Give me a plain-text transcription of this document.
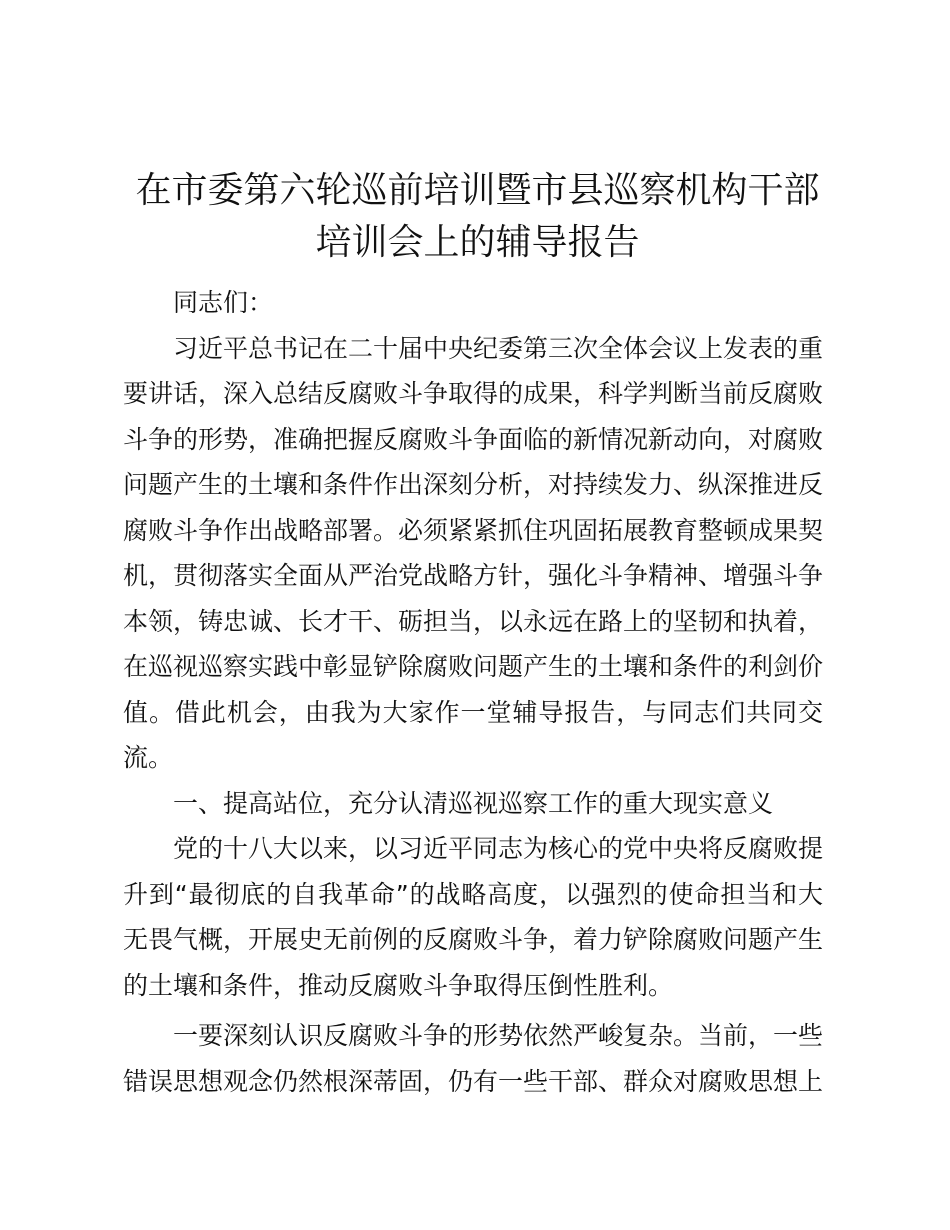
在市委第六轮巡前培训暨市县巡察机构干部培训会上的辅导报告

同志们：

习近平总书记在二十届中央纪委第三次全体会议上发表的重要讲话，深入总结反腐败斗争取得的成果，科学判断当前反腐败斗争的形势，准确把握反腐败斗争面临的新情况新动向，对腐败问题产生的土壤和条件作出深刻分析，对持续发力、纵深推进反腐败斗争作出战略部署。必须紧紧抓住巩固拓展教育整顿成果契机，贯彻落实全面从严治党战略方针，强化斗争精神、增强斗争本领，铸忠诚、长才干、砺担当，以永远在路上的坚韧和执着，在巡视巡察实践中彰显铲除腐败问题产生的土壤和条件的利剑价值。借此机会，由我为大家作一堂辅导报告，与同志们共同交流。

一、提高站位，充分认清巡视巡察工作的重大现实意义

党的十八大以来，以习近平同志为核心的党中央将反腐败提升到“最彻底的自我革命”的战略高度，以强烈的使命担当和大无畏气概，开展史无前例的反腐败斗争，着力铲除腐败问题产生的土壤和条件，推动反腐败斗争取得压倒性胜利。

一要深刻认识反腐败斗争的形势依然严峻复杂。当前，一些错误思想观念仍然根深蒂固，仍有一些干部、群众对腐败思想上
